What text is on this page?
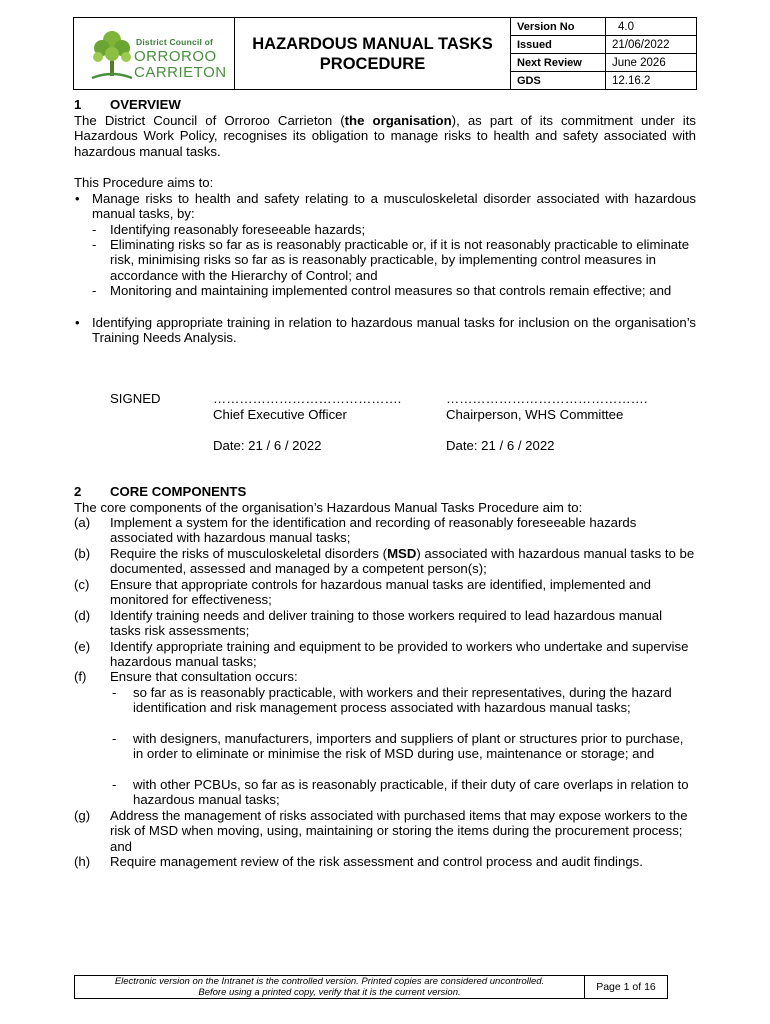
District Council of
ORROROO
CARRIETON	HAZARDOUS MANUAL TASKS
PROCEDURE	Version No	4.0
		Issued	21/06/2022
		Next Review	June 2026
		GDS	12.16.2
1 OVERVIEW
The District Council of Orroroo Carrieton (the organisation), as part of its commitment under its Hazardous Work Policy, recognises its obligation to manage risks to health and safety associated with hazardous manual tasks.
This Procedure aims to:
• Manage risks to health and safety relating to a musculoskeletal disorder associated with hazardous manual tasks, by:
- Identifying reasonably foreseeable hazards;
- Eliminating risks so far as is reasonably practicable or, if it is not reasonably practicable to eliminate risk, minimising risks so far as is reasonably practicable, by implementing control measures in accordance with the Hierarchy of Control; and
- Monitoring and maintaining implemented control measures so that controls remain effective; and
• Identifying appropriate training in relation to hazardous manual tasks for inclusion on the organisation’s Training Needs Analysis.
SIGNED	…………………………………….	……………………………………….
Chief Executive Officer	Chairperson, WHS Committee
Date: 21 / 6 / 2022	Date: 21 / 6 / 2022
2 CORE COMPONENTS
The core components of the organisation’s Hazardous Manual Tasks Procedure aim to:
(a) Implement a system for the identification and recording of reasonably foreseeable hazards associated with hazardous manual tasks;
(b) Require the risks of musculoskeletal disorders (MSD) associated with hazardous manual tasks to be documented, assessed and managed by a competent person(s);
(c) Ensure that appropriate controls for hazardous manual tasks are identified, implemented and monitored for effectiveness;
(d) Identify training needs and deliver training to those workers required to lead hazardous manual tasks risk assessments;
(e) Identify appropriate training and equipment to be provided to workers who undertake and supervise hazardous manual tasks;
(f) Ensure that consultation occurs:
- so far as is reasonably practicable, with workers and their representatives, during the hazard identification and risk management process associated with hazardous manual tasks;
- with designers, manufacturers, importers and suppliers of plant or structures prior to purchase, in order to eliminate or minimise the risk of MSD during use, maintenance or storage; and
- with other PCBUs, so far as is reasonably practicable, if their duty of care overlaps in relation to hazardous manual tasks;
(g) Address the management of risks associated with purchased items that may expose workers to the risk of MSD when moving, using, maintaining or storing the items during the procurement process; and
(h) Require management review of the risk assessment and control process and audit findings.
Electronic version on the Intranet is the controlled version. Printed copies are considered uncontrolled.
Before using a printed copy, verify that it is the current version.	Page 1 of 16
